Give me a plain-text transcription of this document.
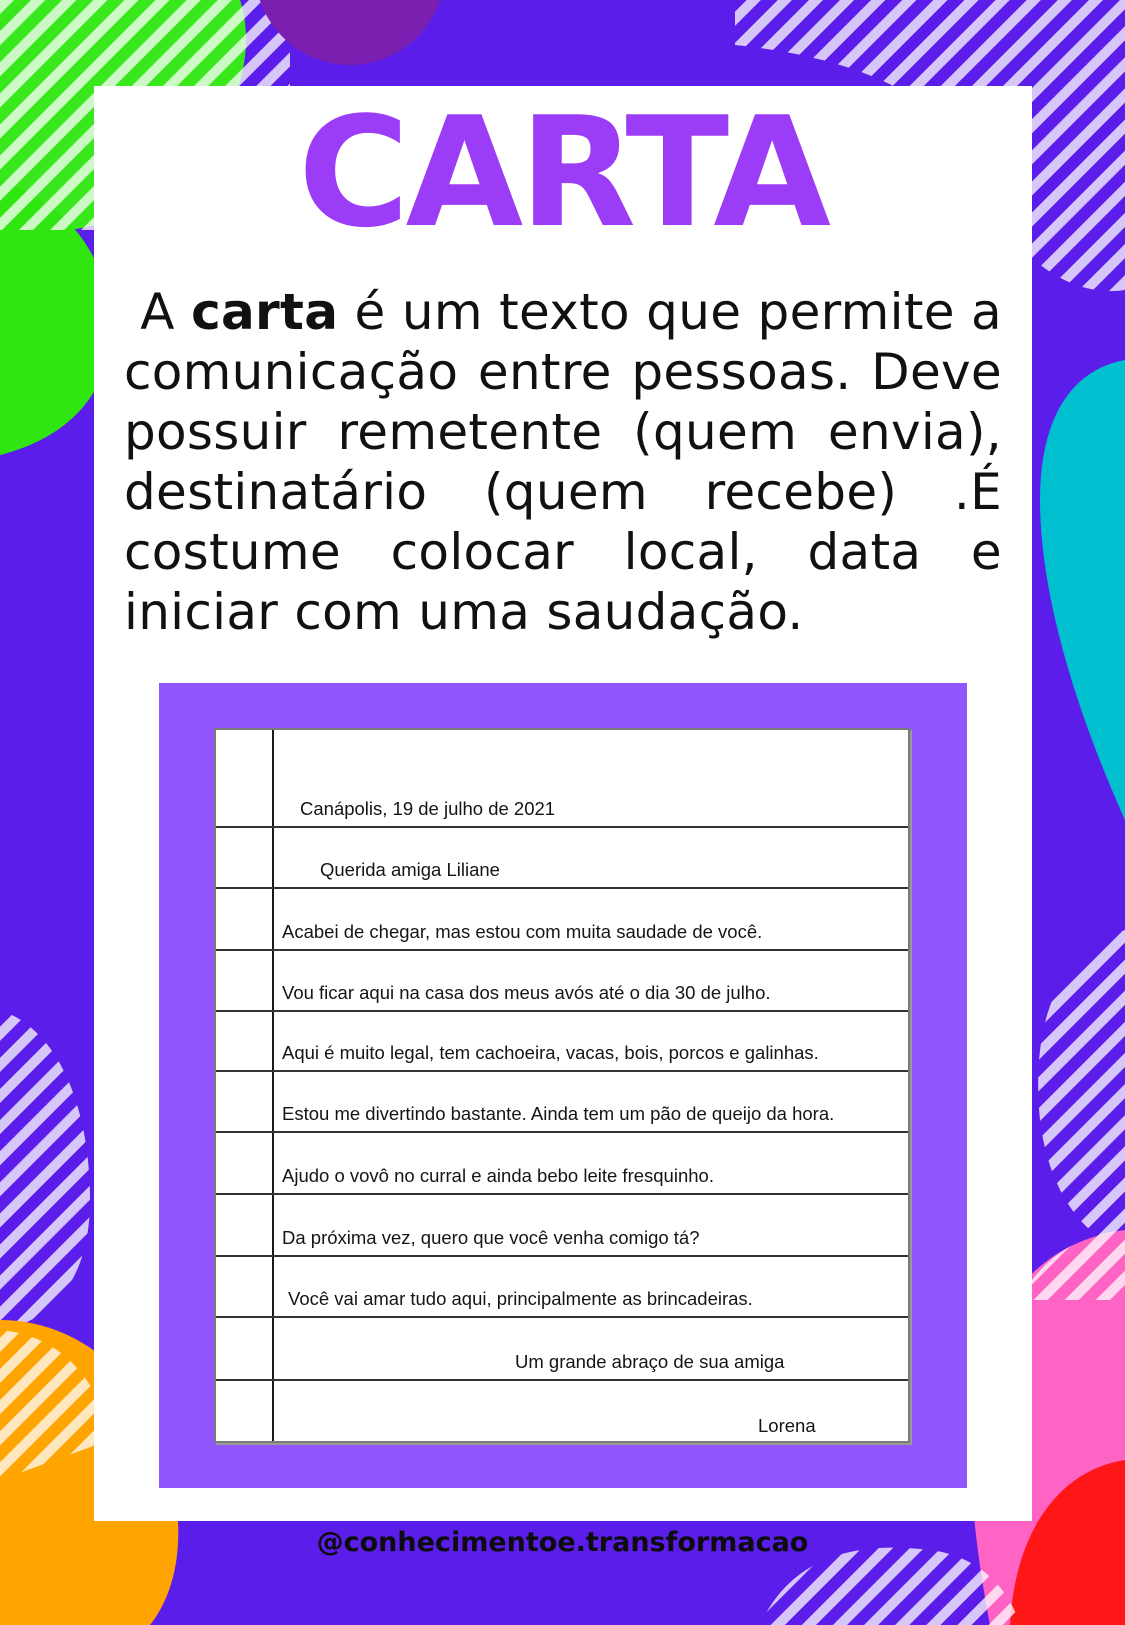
CARTA
A carta é um texto que permite a comunicação entre pessoas. Deve possuir remetente (quem envia), destinatário (quem recebe) .É costume colocar local, data e iniciar com uma saudação.
Canápolis, 19 de julho de 2021
Querida amiga Liliane
Acabei de chegar, mas estou com muita saudade de você.
Vou ficar aqui na casa dos meus avós até o dia 30 de julho.
Aqui é muito legal, tem cachoeira, vacas, bois, porcos e galinhas.
Estou me divertindo bastante. Ainda tem um pão de queijo da hora.
Ajudo o vovô no curral e ainda bebo leite fresquinho.
Da próxima vez, quero que você venha comigo tá?
Você vai amar tudo aqui, principalmente as brincadeiras.
Um grande abraço de sua amiga
Lorena
@conhecimentoe.transformacao
